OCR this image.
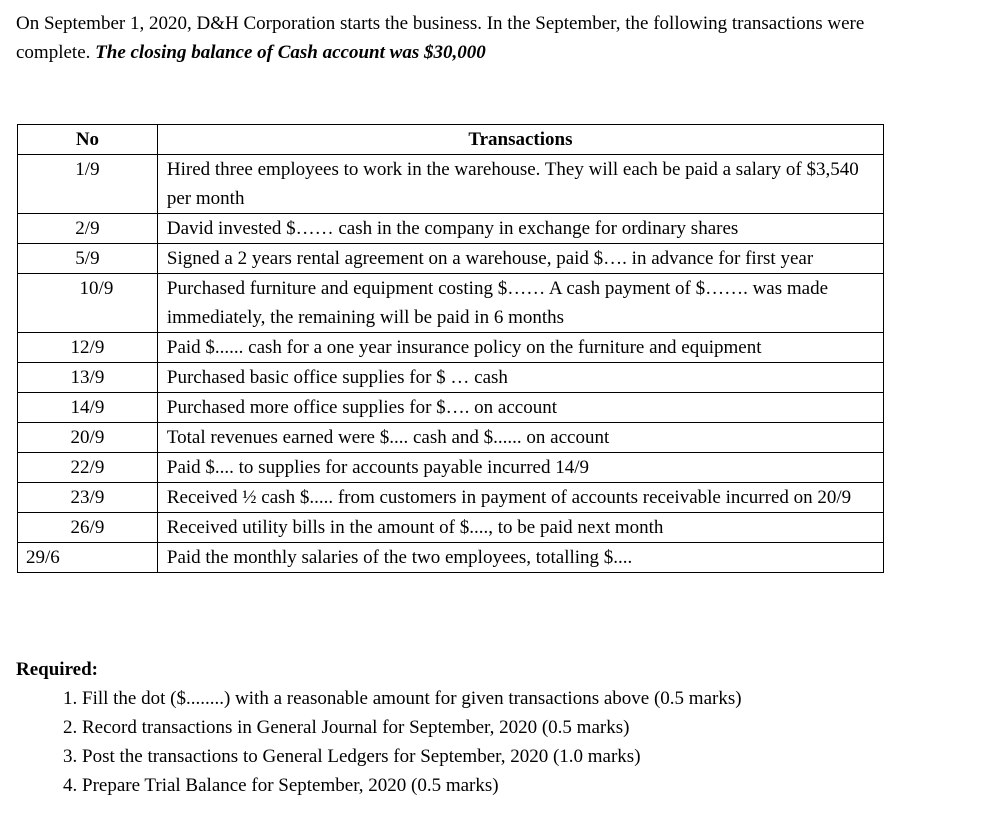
On September 1, 2020, D&H Corporation starts the business. In the September, the following transactions were complete. The closing balance of Cash account was $30,000
No	Transactions
1/9	Hired three employees to work in the warehouse. They will each be paid a salary of $3,540 per month
2/9	David invested $…… cash in the company in exchange for ordinary shares
5/9	Signed a 2 years rental agreement on a warehouse, paid $…. in advance for first year
10/9	Purchased furniture and equipment costing $…… A cash payment of $……. was made immediately, the remaining will be paid in 6 months
12/9	Paid $...... cash for a one year insurance policy on the furniture and equipment
13/9	Purchased basic office supplies for $ … cash
14/9	Purchased more office supplies for $…. on account
20/9	Total revenues earned were $.... cash and $...... on account
22/9	Paid $.... to supplies for accounts payable incurred 14/9
23/9	Received ½ cash $..... from customers in payment of accounts receivable incurred on 20/9
26/9	Received utility bills in the amount of $...., to be paid next month
29/6	Paid the monthly salaries of the two employees, totalling $....

Required:

1. Fill the dot ($........) with a reasonable amount for given transactions above (0.5 marks)
2. Record transactions in General Journal for September, 2020 (0.5 marks)
3. Post the transactions to General Ledgers for September, 2020 (1.0 marks)
4. Prepare Trial Balance for September, 2020 (0.5 marks)
